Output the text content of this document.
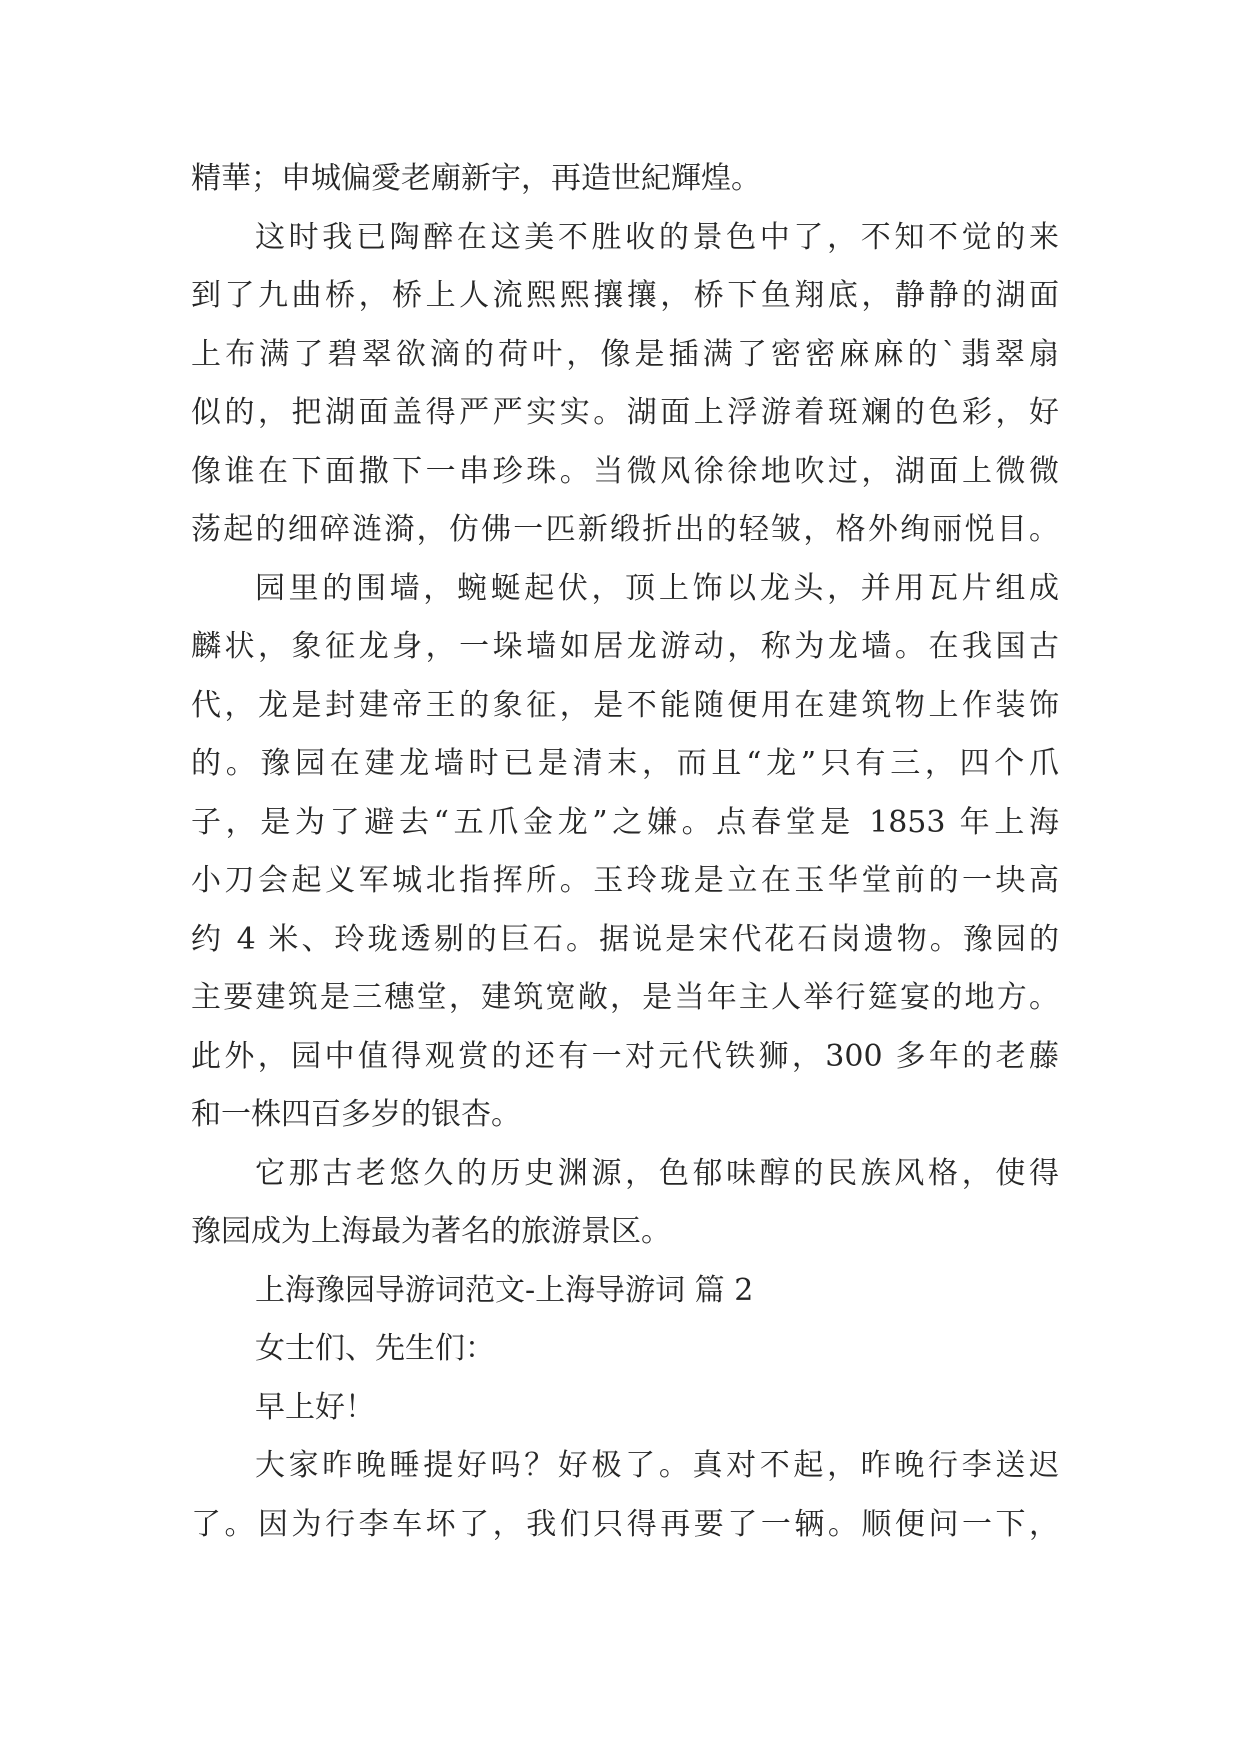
精華；申城偏愛老廟新宇，再造世紀輝煌。
这时我已陶醉在这美不胜收的景色中了，不知不觉的来
到了九曲桥，桥上人流熙熙攘攘，桥下鱼翔底，静静的湖面
上布满了碧翠欲滴的荷叶，像是插满了密密麻麻的`翡翠扇
似的，把湖面盖得严严实实。湖面上浮游着斑斓的色彩，好
像谁在下面撒下一串珍珠。当微风徐徐地吹过，湖面上微微
荡起的细碎涟漪，仿佛一匹新缎折出的轻皱，格外绚丽悦目。
园里的围墙，蜿蜒起伏，顶上饰以龙头，并用瓦片组成
麟状，象征龙身，一垛墙如居龙游动，称为龙墙。在我国古
代，龙是封建帝王的象征，是不能随便用在建筑物上作装饰
的。豫园在建龙墙时已是清末，而且“龙”只有三，四个爪
子，是为了避去“五爪金龙”之嫌。点春堂是 1853 年上海
小刀会起义军城北指挥所。玉玲珑是立在玉华堂前的一块高
约 4 米、玲珑透剔的巨石。据说是宋代花石岗遗物。豫园的
主要建筑是三穗堂，建筑宽敞，是当年主人举行筵宴的地方。
此外，园中值得观赏的还有一对元代铁狮，300 多年的老藤
和一株四百多岁的银杏。
它那古老悠久的历史渊源，色郁味醇的民族风格，使得
豫园成为上海最为著名的旅游景区。
上海豫园导游词范文-上海导游词 篇 2
女士们、先生们：
早上好！
大家昨晚睡提好吗？好极了。真对不起，昨晚行李送迟
了。因为行李车坏了，我们只得再要了一辆。顺便问一下，
